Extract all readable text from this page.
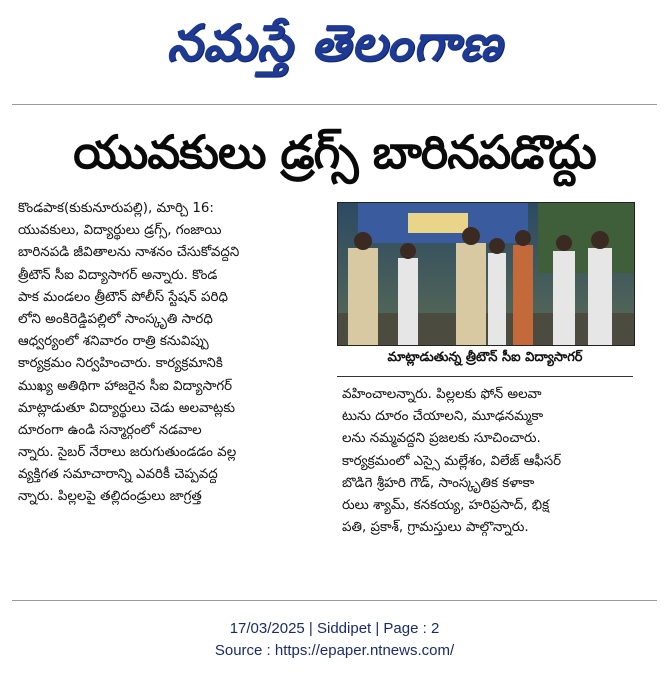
నమస్తే తెలంగాణ
యువకులు డ్రగ్స్ బారినపడొద్దు
కొండపాక(కుకునూరుపల్లి), మార్చి 16:
యువకులు, విద్యార్థులు డ్రగ్స్, గంజాయి
బారినపడి జీవితాలను నాశనం చేసుకోవద్దని
త్రీటౌన్ సీఐ విద్యాసాగర్ అన్నారు. కొండ
పాక మండలం త్రీటౌన్ పోలీస్ స్టేషన్ పరిధి
లోని అంకిరెడ్డిపల్లిలో సాంస్కృతి సారధి
ఆధ్వర్యంలో శనివారం రాత్రి కనువిప్పు
కార్యక్రమం నిర్వహించారు. కార్యక్రమానికి
ముఖ్య అతిథిగా హాజరైన సీఐ విద్యాసాగర్
మాట్లాడుతూ విద్యార్థులు చెడు అలవాట్లకు
దూరంగా ఉండి సన్మార్గంలో నడవాల
న్నారు. సైబర్ నేరాలు జరుగుతుండడం వల్ల
వ్యక్తిగత సమాచారాన్ని ఎవరికీ చెప్పవద్ద
న్నారు. పిల్లలపై తల్లిదండ్రులు జాగ్రత్త
మాట్లాడుతున్న త్రీటౌన్ సీఐ విద్యాసాగర్
వహించాలన్నారు. పిల్లలకు ఫోన్ అలవా
టును దూరం చేయాలని, మూఢనమ్మకా
లను నమ్మవద్దని ప్రజలకు సూచించారు.
కార్యక్రమంలో ఎస్సై మల్లేశం, విలేజ్ ఆఫీసర్
బొడిగె శ్రీహరి గౌడ్, సాంస్కృతిక కళాకా
రులు శ్యామ్, కనకయ్య, హరిప్రసాద్, భిక్ష
పతి, ప్రకాశ్, గ్రామస్తులు పాల్గొన్నారు.
17/03/2025 | Siddipet | Page : 2
Source : https://epaper.ntnews.com/
